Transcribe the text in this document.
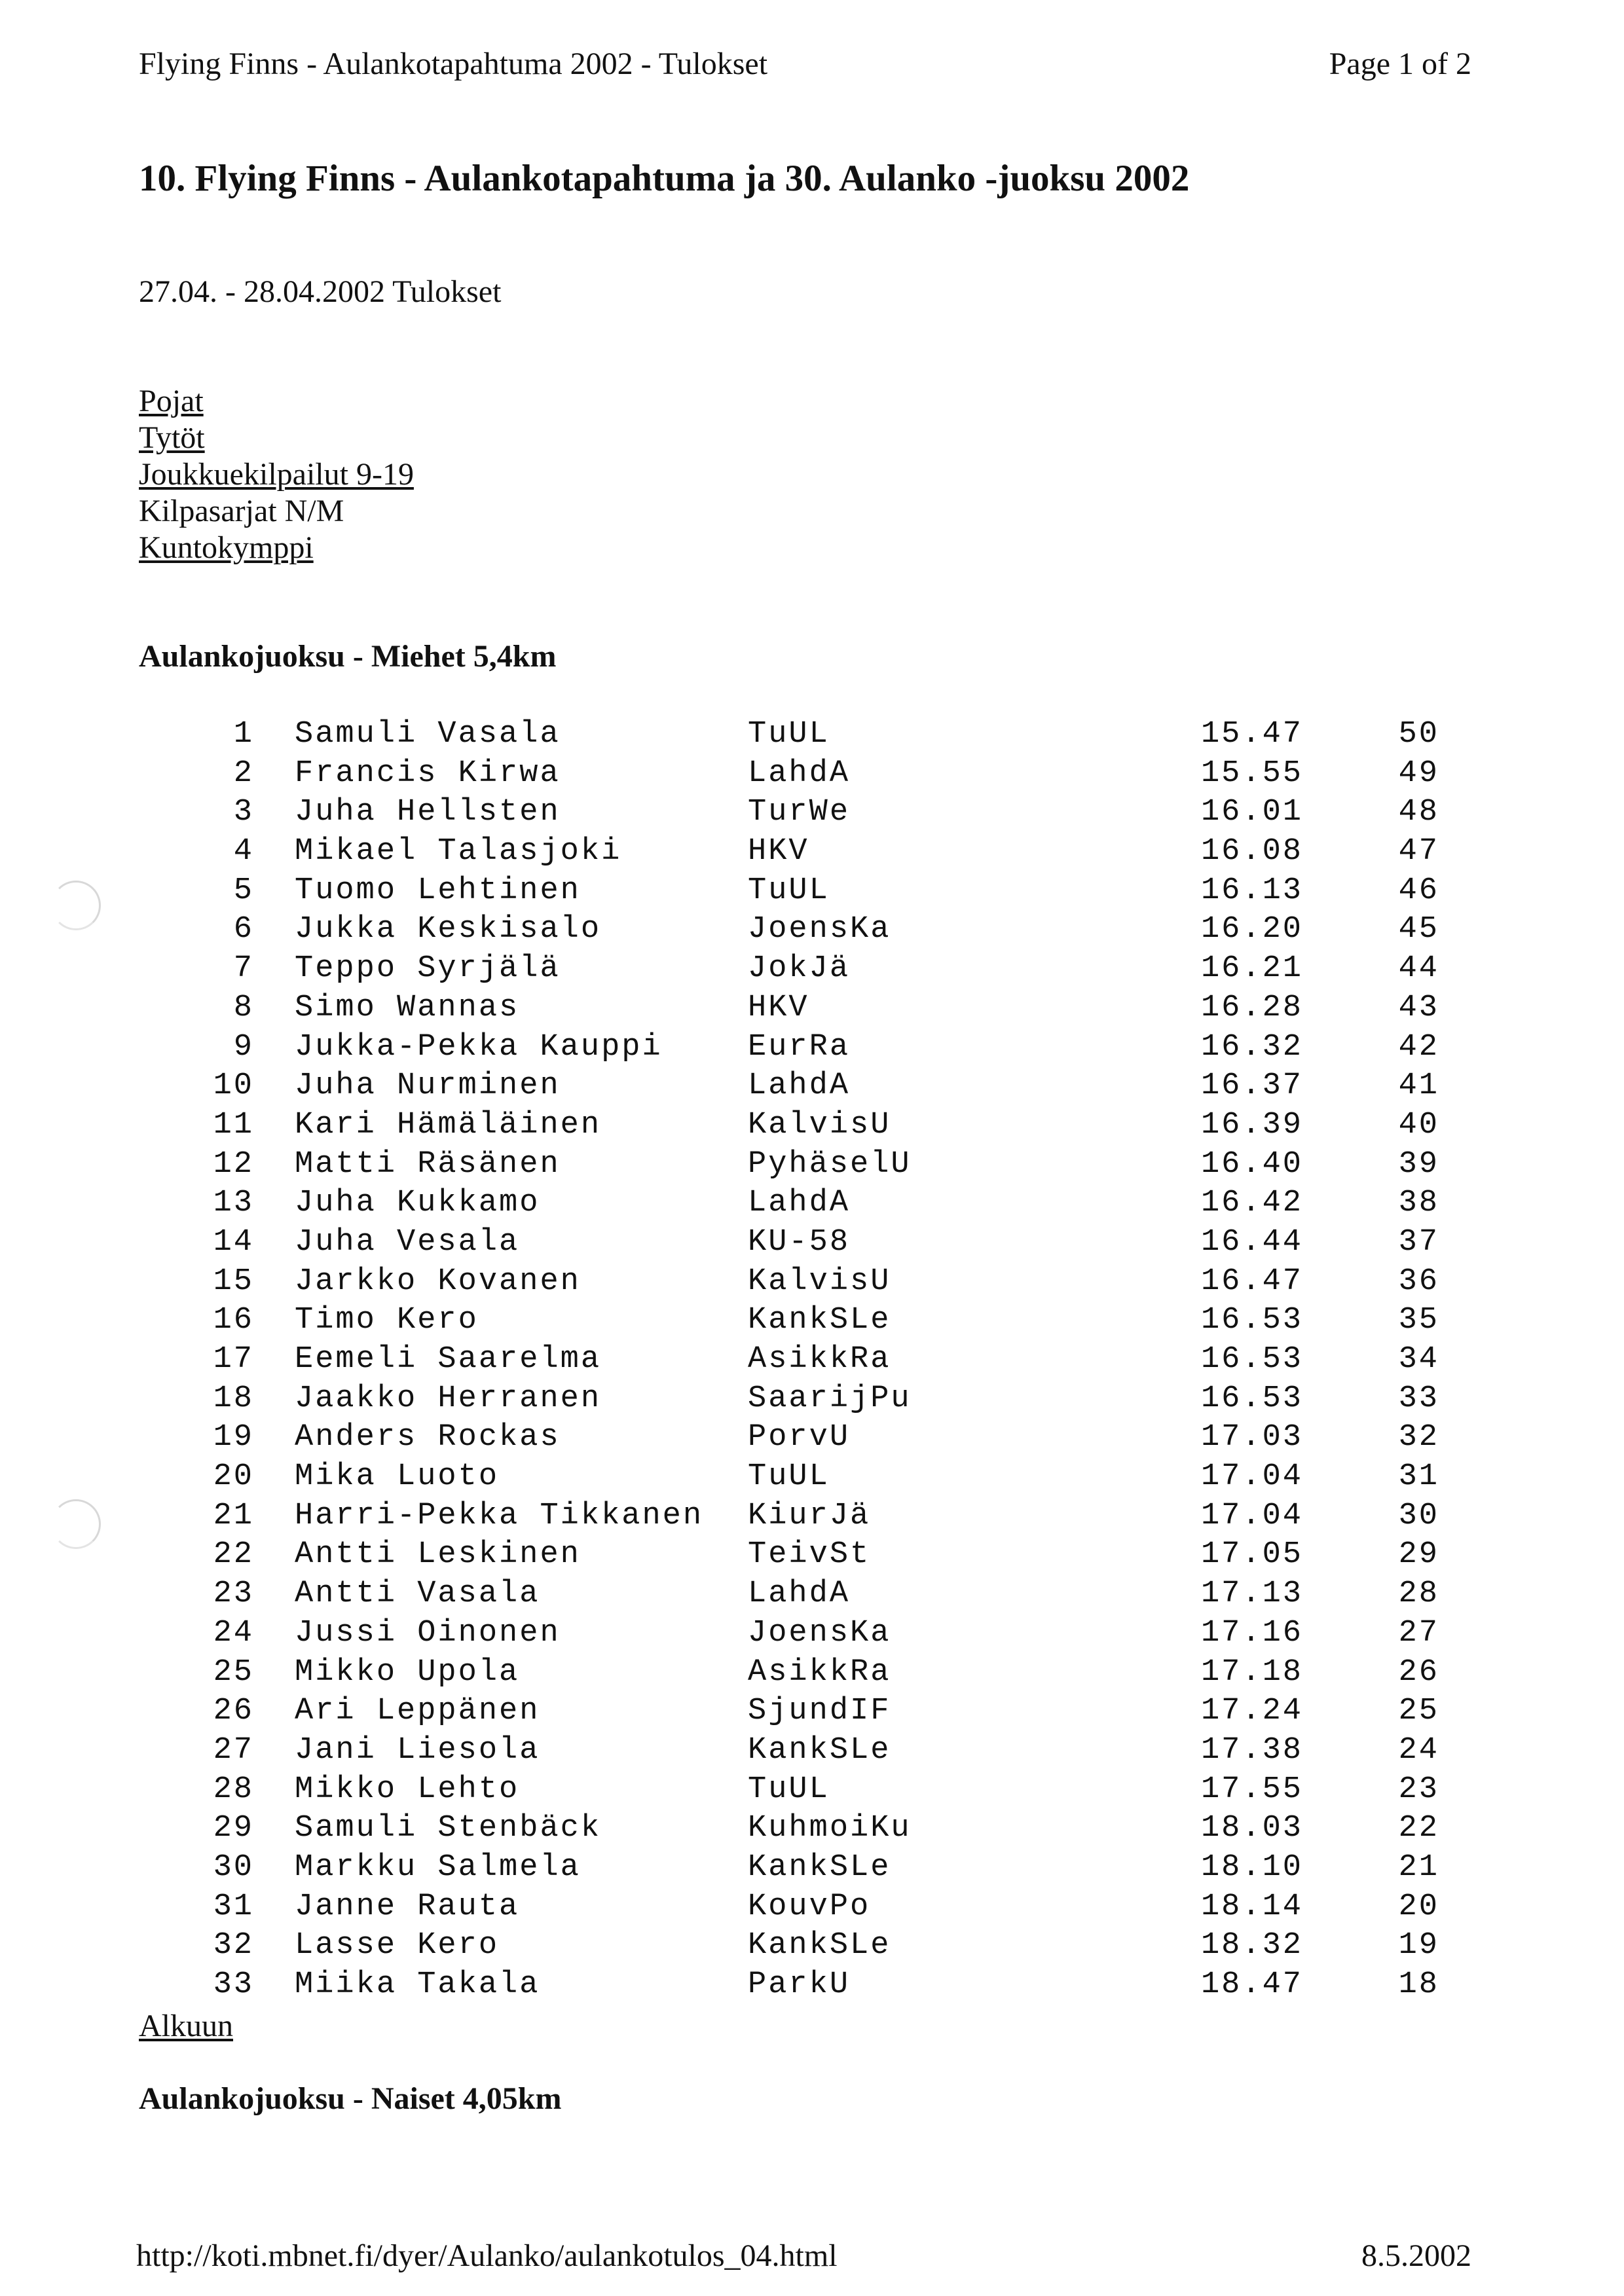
Flying Finns - Aulankotapahtuma 2002 - Tulokset	Page 1 of 2
10. Flying Finns - Aulankotapahtuma ja 30. Aulanko -juoksu 2002
27.04. - 28.04.2002 Tulokset
Pojat
Tytöt
Joukkuekilpailut 9-19
Kilpasarjat N/M
Kuntokymppi
Aulankojuoksu - Miehet 5,4km
1 Samuli Vasala	TuUL	15.47	50
2 Francis Kirwa	LahdA	15.55	49
3 Juha Hellsten	TurWe	16.01	48
4 Mikael Talasjoki	HKV	16.08	47
5 Tuomo Lehtinen	TuUL	16.13	46
6 Jukka Keskisalo	JoensKa	16.20	45
7 Teppo Syrjälä	JokJä	16.21	44
8 Simo Wannas	HKV	16.28	43
9 Jukka-Pekka Kauppi	EurRa	16.32	42
10 Juha Nurminen	LahdA	16.37	41
11 Kari Hämäläinen	KalvisU	16.39	40
12 Matti Räsänen	PyhäselU	16.40	39
13 Juha Kukkamo	LahdA	16.42	38
14 Juha Vesala	KU-58	16.44	37
15 Jarkko Kovanen	KalvisU	16.47	36
16 Timo Kero	KankSLe	16.53	35
17 Eemeli Saarelma	AsikkRa	16.53	34
18 Jaakko Herranen	SaarijPu	16.53	33
19 Anders Rockas	PorvU	17.03	32
20 Mika Luoto	TuUL	17.04	31
21 Harri-Pekka Tikkanen KiurJä	17.04	30
22 Antti Leskinen	TeivSt	17.05	29
23 Antti Vasala	LahdA	17.13	28
24 Jussi Oinonen	JoensKa	17.16	27
25 Mikko Upola	AsikkRa	17.18	26
26 Ari Leppänen	SjundIF	17.24	25
27 Jani Liesola	KankSLe	17.38	24
28 Mikko Lehto	TuUL	17.55	23
29 Samuli Stenbäck	KuhmoiKu	18.03	22
30 Markku Salmela	KankSLe	18.10	21
31 Janne Rauta	KouvPo	18.14	20
32 Lasse Kero	KankSLe	18.32	19
33 Miika Takala	ParkU	18.47	18
Alkuun
Aulankojuoksu - Naiset 4,05km
http://koti.mbnet.fi/dyer/Aulanko/aulankotulos_04.html	8.5.2002
